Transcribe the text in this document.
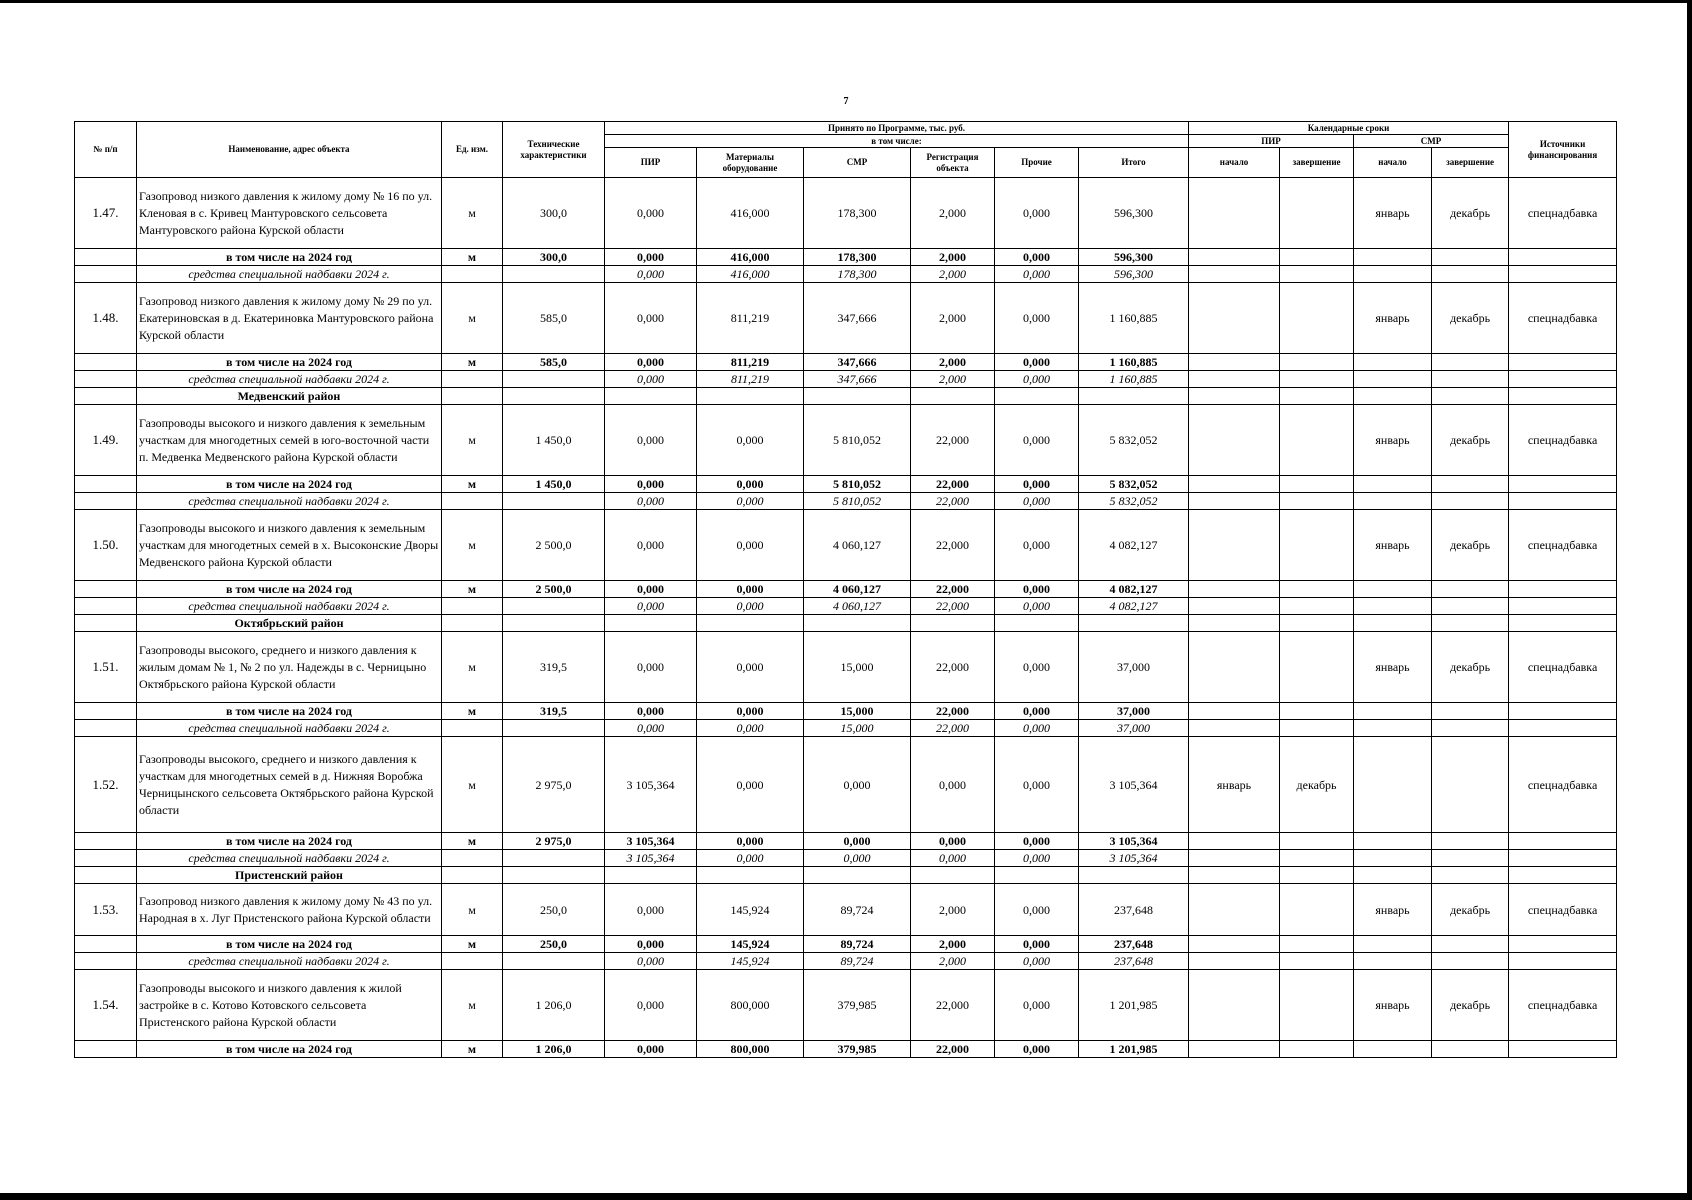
7
№ п/п	Наименование, адрес объекта	Ед. изм.	Технические характеристики	Принято по Программе, тыс. руб.						Календарные сроки				Источники финансирования
				в том числе:						ПИР		СМР		
				ПИР	Материалы оборудование	СМР	Регистрация объекта	Прочие	Итого	начало	завершение	начало	завершение	
1.47.	Газопровод низкого давления к жилому дому № 16 по ул. Кленовая в с. Кривец Мантуровского сельсовета Мантуровского района Курской области	м	300,0	0,000	416,000	178,300	2,000	0,000	596,300			январь	декабрь	спецнадбавка
	в том числе на 2024 год	м	300,0	0,000	416,000	178,300	2,000	0,000	596,300					
	средства специальной надбавки 2024 г.			0,000	416,000	178,300	2,000	0,000	596,300					
1.48.	Газопровод низкого давления к жилому дому № 29 по ул. Екатериновская в д. Екатериновка Мантуровского района Курской области	м	585,0	0,000	811,219	347,666	2,000	0,000	1 160,885			январь	декабрь	спецнадбавка
	в том числе на 2024 год	м	585,0	0,000	811,219	347,666	2,000	0,000	1 160,885					
	средства специальной надбавки 2024 г.			0,000	811,219	347,666	2,000	0,000	1 160,885					
	Медвенский район													
1.49.	Газопроводы высокого и низкого давления к земельным участкам для многодетных семей в юго-восточной части п. Медвенка Медвенского района Курской области	м	1 450,0	0,000	0,000	5 810,052	22,000	0,000	5 832,052			январь	декабрь	спецнадбавка
	в том числе на 2024 год	м	1 450,0	0,000	0,000	5 810,052	22,000	0,000	5 832,052					
	средства специальной надбавки 2024 г.			0,000	0,000	5 810,052	22,000	0,000	5 832,052					
1.50.	Газопроводы высокого и низкого давления к земельным участкам для многодетных семей в х. Высоконские Дворы Медвенского района Курской области	м	2 500,0	0,000	0,000	4 060,127	22,000	0,000	4 082,127			январь	декабрь	спецнадбавка
	в том числе на 2024 год	м	2 500,0	0,000	0,000	4 060,127	22,000	0,000	4 082,127					
	средства специальной надбавки 2024 г.			0,000	0,000	4 060,127	22,000	0,000	4 082,127					
	Октябрьский район													
1.51.	Газопроводы высокого, среднего и низкого давления к жилым домам № 1, № 2 по ул. Надежды в с. Черницыно Октябрьского района Курской области	м	319,5	0,000	0,000	15,000	22,000	0,000	37,000			январь	декабрь	спецнадбавка
	в том числе на 2024 год	м	319,5	0,000	0,000	15,000	22,000	0,000	37,000					
	средства специальной надбавки 2024 г.			0,000	0,000	15,000	22,000	0,000	37,000					
1.52.	Газопроводы высокого, среднего и низкого давления к участкам для многодетных семей в д. Нижняя Воробжа Черницынского сельсовета Октябрьского района Курской области	м	2 975,0	3 105,364	0,000	0,000	0,000	0,000	3 105,364	январь	декабрь			спецнадбавка
	в том числе на 2024 год	м	2 975,0	3 105,364	0,000	0,000	0,000	0,000	3 105,364					
	средства специальной надбавки 2024 г.			3 105,364	0,000	0,000	0,000	0,000	3 105,364					
	Пристенский район													
1.53.	Газопровод низкого давления к жилому дому № 43 по ул. Народная в х. Луг Пристенского района Курской области	м	250,0	0,000	145,924	89,724	2,000	0,000	237,648			январь	декабрь	спецнадбавка
	в том числе на 2024 год	м	250,0	0,000	145,924	89,724	2,000	0,000	237,648					
	средства специальной надбавки 2024 г.			0,000	145,924	89,724	2,000	0,000	237,648					
1.54.	Газопроводы высокого и низкого давления к жилой застройке в с. Котово Котовского сельсовета Пристенского района Курской области	м	1 206,0	0,000	800,000	379,985	22,000	0,000	1 201,985			январь	декабрь	спецнадбавка
	в том числе на 2024 год	м	1 206,0	0,000	800,000	379,985	22,000	0,000	1 201,985					
